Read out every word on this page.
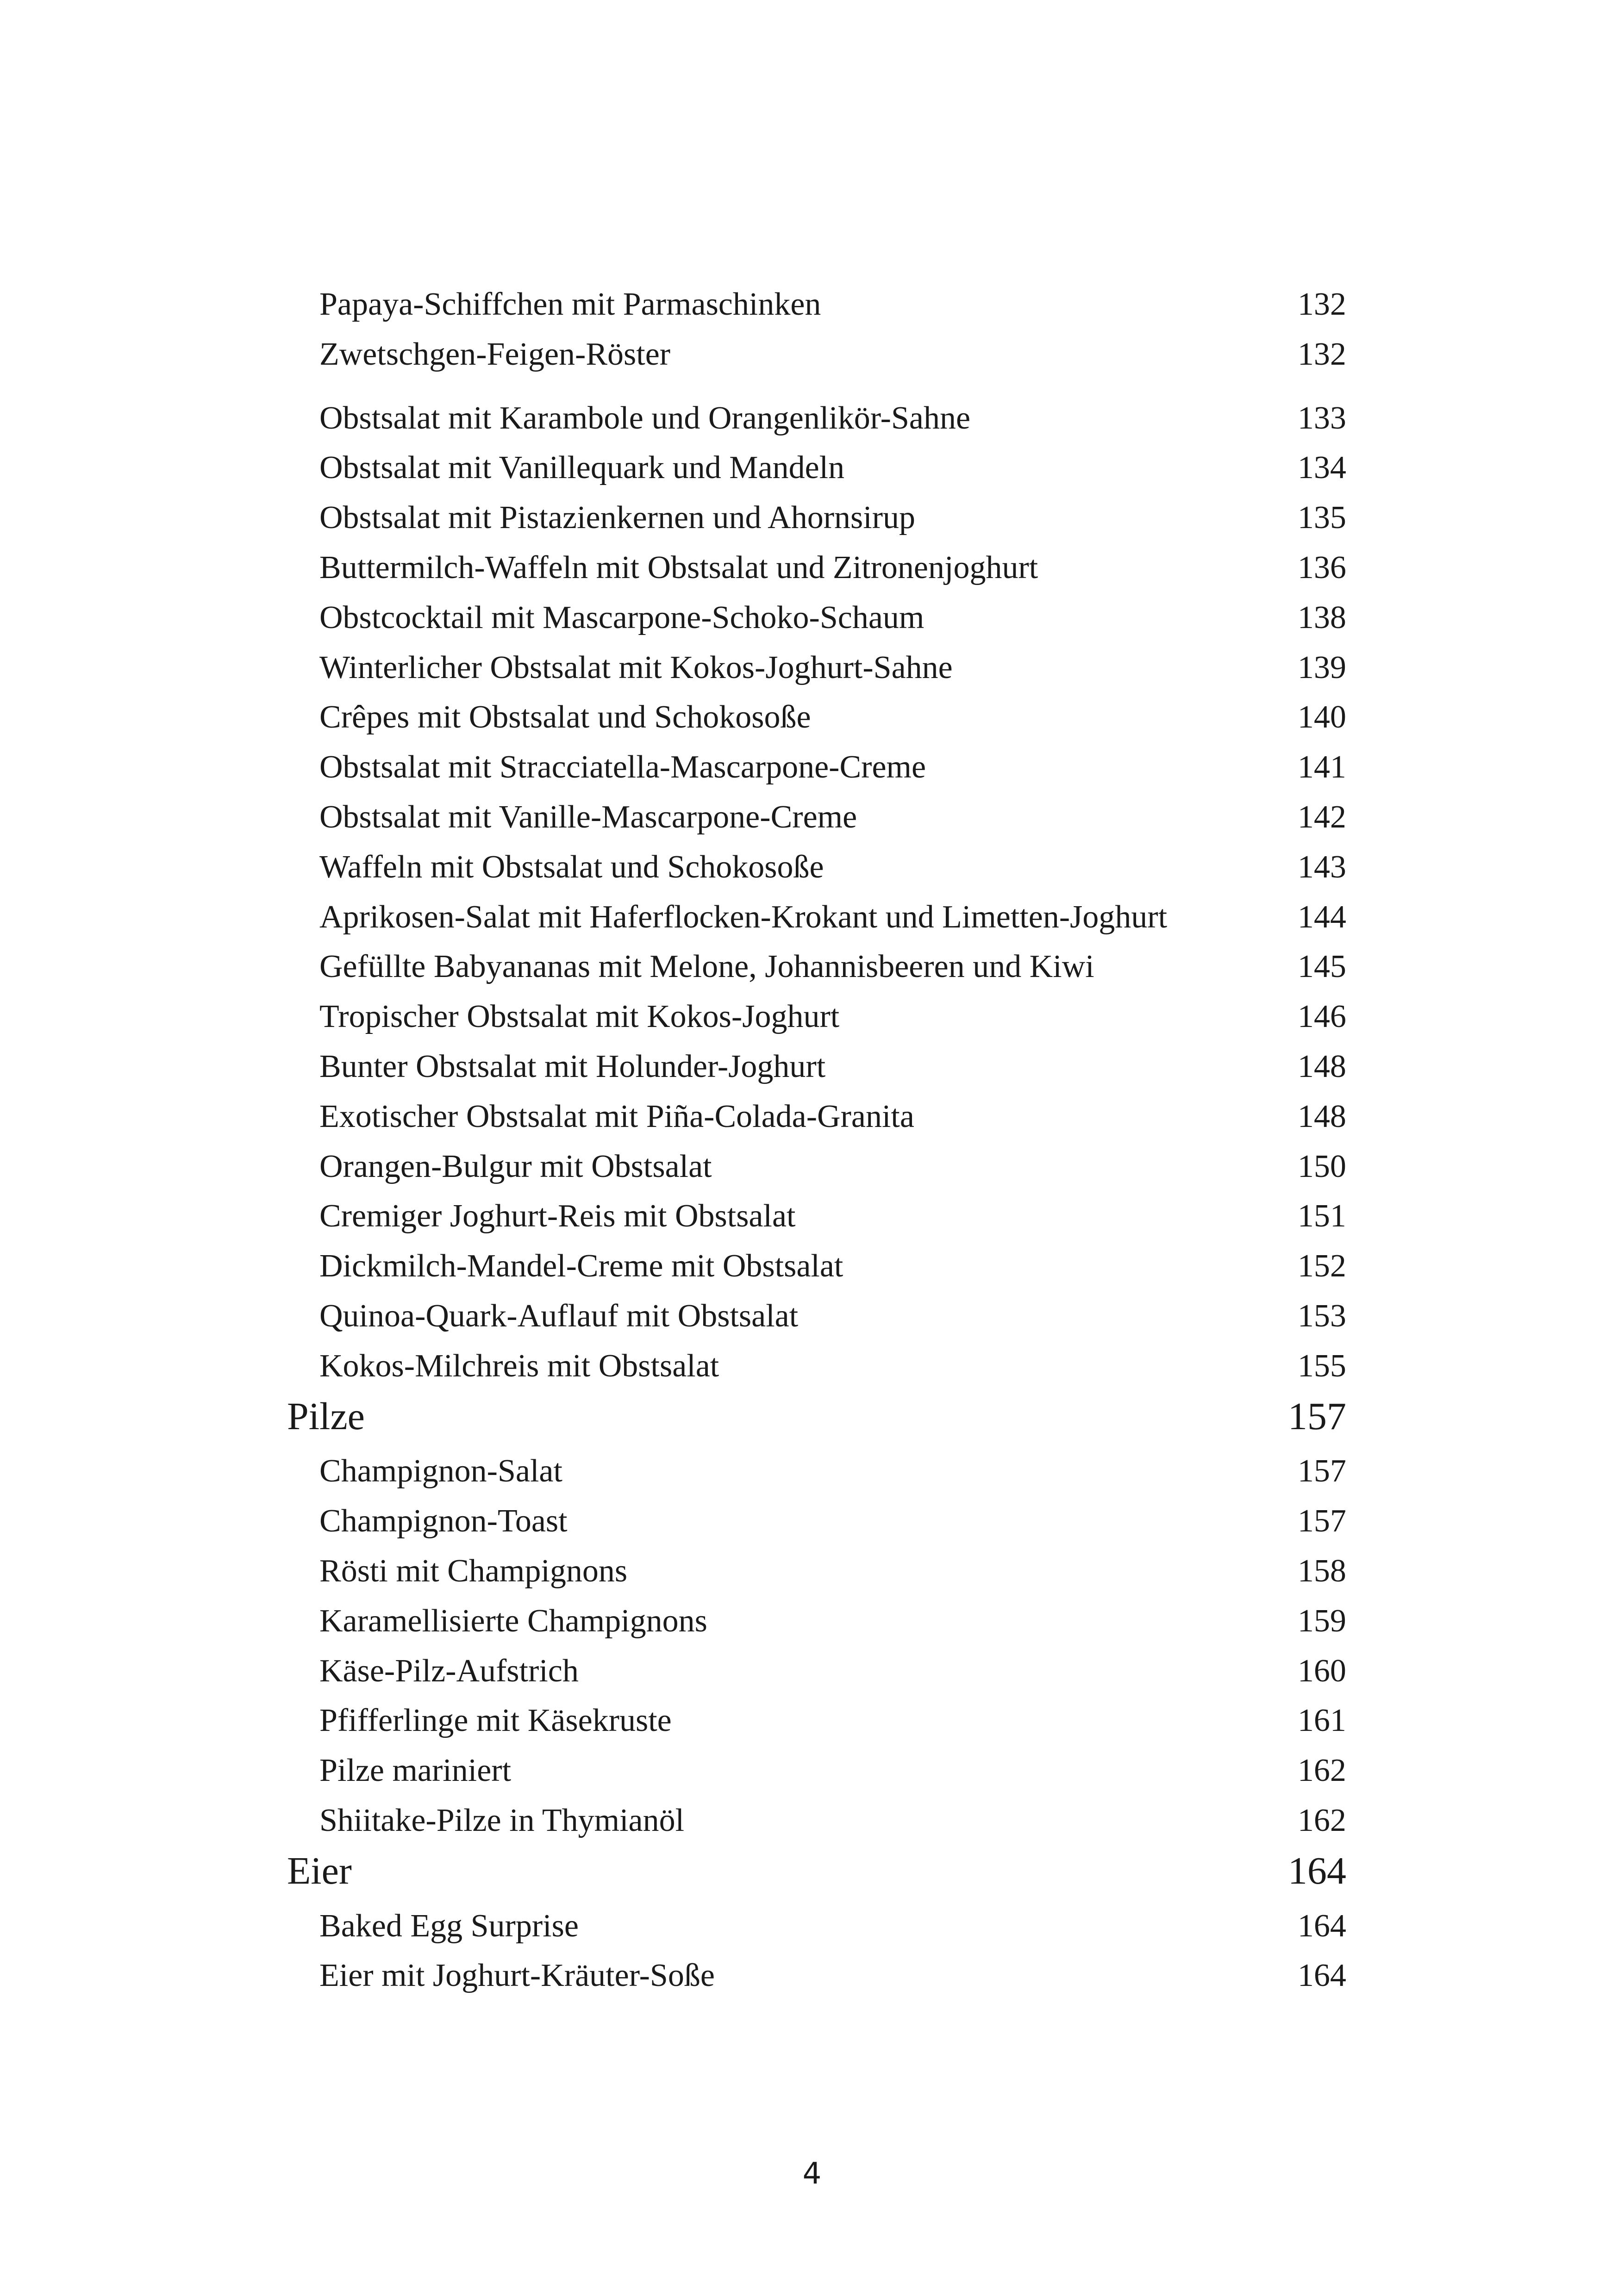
Papaya-Schiffchen mit Parmaschinken	132
Zwetschgen-Feigen-Röster	132
Obstsalat mit Karambole und Orangenlikör-Sahne	133
Obstsalat mit Vanillequark und Mandeln	134
Obstsalat mit Pistazienkernen und Ahornsirup	135
Buttermilch-Waffeln mit Obstsalat und Zitronenjoghurt	136
Obstcocktail mit Mascarpone-Schoko-Schaum	138
Winterlicher Obstsalat mit Kokos-Joghurt-Sahne	139
Crêpes mit Obstsalat und Schokosoße	140
Obstsalat mit Stracciatella-Mascarpone-Creme	141
Obstsalat mit Vanille-Mascarpone-Creme	142
Waffeln mit Obstsalat und Schokosoße	143
Aprikosen-Salat mit Haferflocken-Krokant und Limetten-Joghurt	144
Gefüllte Babyananas mit Melone, Johannisbeeren und Kiwi	145
Tropischer Obstsalat mit Kokos-Joghurt	146
Bunter Obstsalat mit Holunder-Joghurt	148
Exotischer Obstsalat mit Piña-Colada-Granita	148
Orangen-Bulgur mit Obstsalat	150
Cremiger Joghurt-Reis mit Obstsalat	151
Dickmilch-Mandel-Creme mit Obstsalat	152
Quinoa-Quark-Auflauf mit Obstsalat	153
Kokos-Milchreis mit Obstsalat	155
Pilze	157
Champignon-Salat	157
Champignon-Toast	157
Rösti mit Champignons	158
Karamellisierte Champignons	159
Käse-Pilz-Aufstrich	160
Pfifferlinge mit Käsekruste	161
Pilze mariniert	162
Shiitake-Pilze in Thymianöl	162
Eier	164
Baked Egg Surprise	164
Eier mit Joghurt-Kräuter-Soße	164
4
